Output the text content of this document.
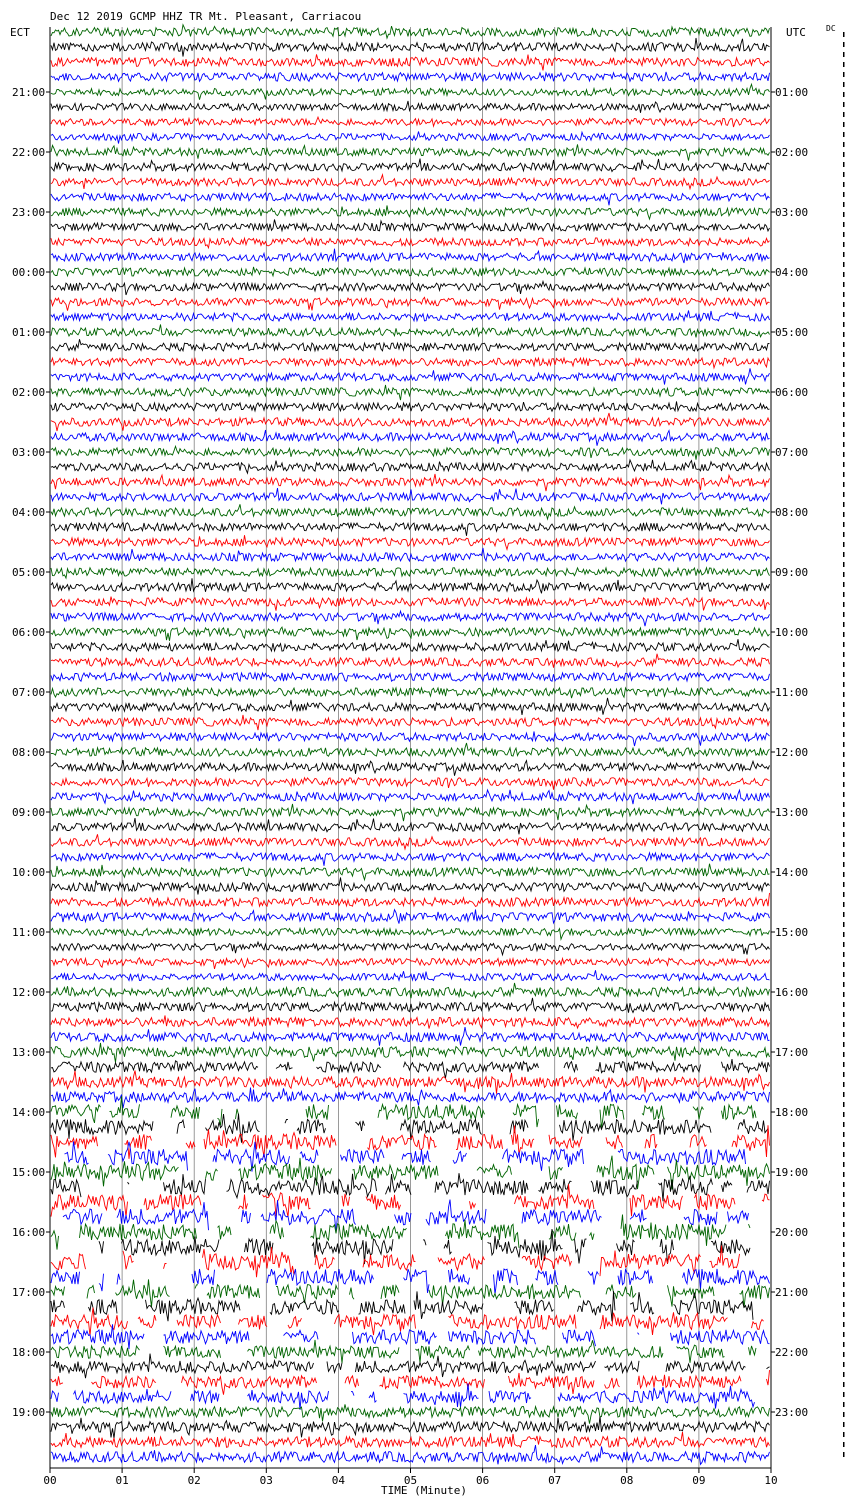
Dec 12 2019 GCMP HHZ TR Mt. Pleasant, Carriacou
ECT	UTC	DC
TIME (Minute)
00	01	02	03	04	05	06	07	08	09	10
21:00
22:00
23:00
00:00
01:00
02:00
03:00
04:00
05:00
06:00
07:00
08:00
09:00
10:00
11:00
12:00
13:00
14:00
15:00
16:00
17:00
18:00
19:00
01:00
02:00
03:00
04:00
05:00
06:00
07:00
08:00
09:00
10:00
11:00
12:00
13:00
14:00
15:00
16:00
17:00
18:00
19:00
20:00
21:00
22:00
23:00
